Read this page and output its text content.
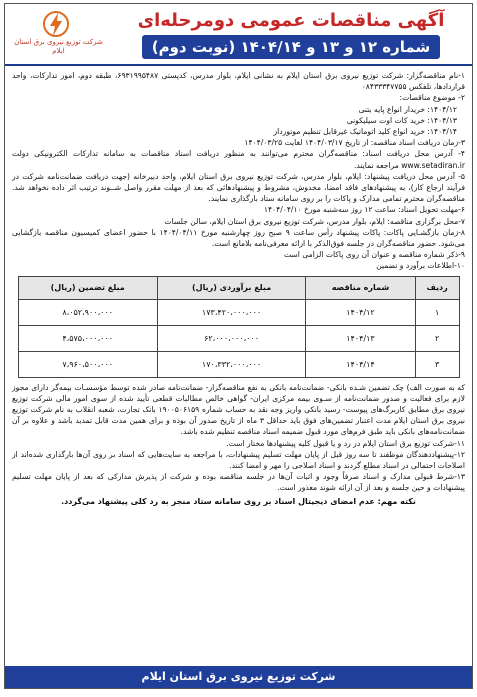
شرکت توزیع نیروی برق استان ایلام
آگهی مناقصات عمومی دومرحله‌ای
شماره ۱۲ و ۱۳ و ۱۴۰۴/۱۴ (نوبت دوم)

۱-نام مناقصه‌گزار: شرکت توزیع نیروی برق استان ایلام به نشانی ایلام، بلوار مدرس، کدپستی ۶۹۳۱۹۹۵۴۸۷، طبقه دوم، امور تدارکات، واحد قراردادها، تلفکس ۰۸۴۳۳۳۴۷۷۵۵

۲- موضوع مناقصات:

۱۴۰۴/۱۲: خریدار انواع پایه بتنی

۱۴۰۴/۱۳: خرید کات اوت سیلیکونی

۱۴۰۴/۱۴: خرید انواع کلید اتوماتیک غیرقابل تنظیم موتوردار

۳-زمان دریافت اسناد مناقصه: از تاریخ ۱۴۰۴/۰۳/۱۷ لغایت ۱۴۰۴/۰۳/۲۵

۴- آدرس محل دریافت اسناد: مناقصه‌گران محترم می‌توانند به منظور دریافت اسناد مناقصات به سامانه تدارکات الکترونیکی دولت www.setadiran.ir مراجعه نمایند.

۵- آدرس محل دریافت پیشنهاد: ایلام، بلوار مدرس، شرکت توزیع نیروی برق استان ایلام، واحد دبیرخانه (جهت دریافت ضمانت‌نامه شرکت در فرآیند ارجاع کار)، به پیشنهادهای فاقد امضا، مخدوش، مشروط و پیشنهادهائی که بعد از مهلت مقرر واصل شــوند ترتیب اثر داده نخواهد شد. مناقصه‌گران محترم تمامی مدارک و پاکات را بر روی سامانه ستاد بارگذاری نمایند.

۶-مهلت تحویل اسناد: ساعت ۱۲ روز سه‌شنبه مورخ ۱۴۰۴/۰۴/۱۰

۷-محل برگزاری مناقصه: ایلام، بلوار مدرس، شرکت توزیع نیروی برق استان ایلام، سالن جلسات

۸-زمان بازگشـایی پاکات: پاکات پیشنهاد رأس ساعت ۹ صبح روز چهارشنبه مورخ ۱۴۰۴/۰۴/۱۱ با حضور اعضای کمیسیون مناقصه بازگشایی می‌شود. حضور مناقصه‌گران در جلسه فوق‌الذکر با ارائه معرفی‌نامه بلامانع است.

۹-ذکر شماره مناقصه و عنوان آن روی پاکات الزامی است

۱۰-اطلاعات برآورد و تضمین

ردیف	شماره مناقصه	مبلغ برآوردی (ریال)	مبلغ تضمین (ریال)
۱	۱۴۰۴/۱۲	۱۷۳،۴۲۰،۰۰۰،۰۰۰	۸،۰۵۲،۹۰۰،۰۰۰
۲	۱۴۰۴/۱۳	۶۲،۰۰۰،۰۰۰،۰۰۰	۴،۵۷۵،۰۰۰،۰۰۰
۳	۱۴۰۴/۱۴	۱۷۰،۳۳۲،۰۰۰،۰۰۰	۷،۹۶۰،۵۰۰،۰۰۰

که به صورت الف) چک تضمین شـده بانکی- ضمانت‌نامه بانکی به نفع مناقصه‌گزار- ضمانت‌نامه صادر شده توسط مؤسسـات بیمه‌گر دارای مجوز لازم برای فعالیت و صدور ضمانت‌نامه از سـوی بیمه مرکزی ایران- گواهی خالص مطالبات قطعی تأیید شده از سوی امور مالی شرکت توزیع نیروی برق مطابق کاربرگ‌های پیوست- رسید بانکی واریز وجه نقد به حساب شماره ۱۹۰۰۵۰۶۱۵۹ بانک تجارت، شعبه انقلاب به نام شرکت توزیع نیروی برق استان ایلام مدت اعتبار تضمین‌های فوق باید حداقل ۳ ماه از تاریخ صدور آن بوده و برای همین مدت قابل تمدید باشد و علاوه بر آن ضمانت‌نامه‌های بانکی باید طبق فرم‌های مورد قبول ضمیمه اسناد مناقصه تنظیم شده باشد.

۱۱-شرکت توزیع برق استان ایلام در رد و یا قبول کلیه پیشنهادها مختار است.

۱۲-پیشنهاددهندگان موظفند تا سه روز قبل از پایان مهلت تسلیم پیشنهادات، با مراجعه به سایت‌هایی که اسناد بر روی آن‌ها بارگذاری شده‌اند از اصلاحات احتمالی در اسناد مطلع گردند و اسناد اصلاحی را مهر و امضا کنند.

۱۳-شرط قبولی مدارک و اسناد صرفاً وجود و اثبات آن‌ها در جلسه مناقصه بوده و شرکت از پذیرش مدارکی که بعد از پایان مهلت تسلیم پیشنهادات و حین جلسه و بعد از آن ارائه شوند معذور است.

نکته مهم: عدم امضای دیجیتال اسناد بر روی سامانه ستاد منجر به رد کلی پیشنهاد می‌گردد.
شرکت توزیع نیروی برق استان ایلام
